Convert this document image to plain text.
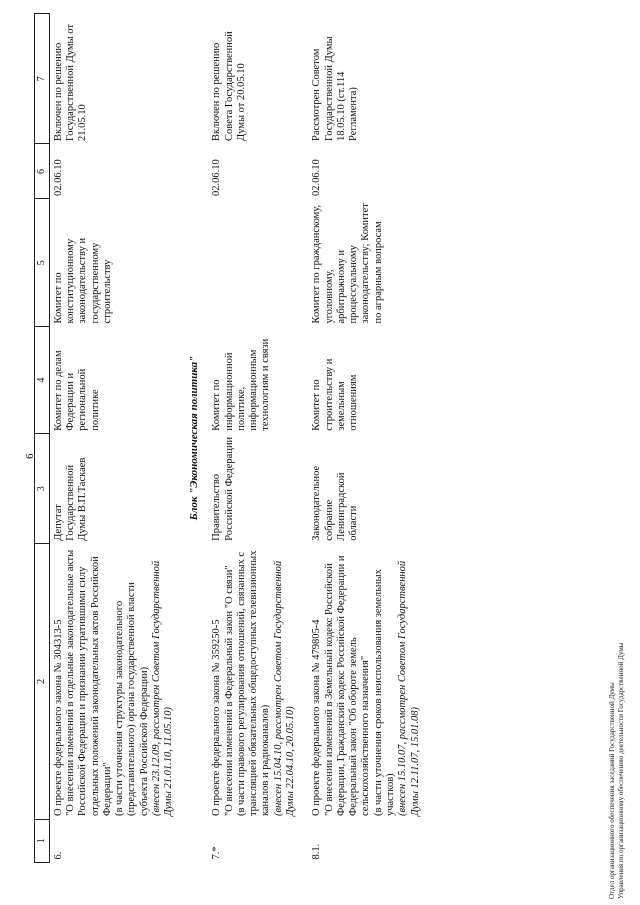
6
1	2	3	4	5	6	7
6.	О проекте федерального закона № 304313-5 "О внесении изменений в отдельные законодательные акты Российской Федерации и признании утратившими силу отдельных положений законодательных актов Российской Федерации" (в части уточнения структуры законодательного (представительного) органа государственной власти субъекта Российской Федерации) (внесен 23.12.09, рассмотрен Советом Государственной Думы 21.01.10, 11.05.10)	Депутат Государственной Думы В.П.Таскаев	Комитет по делам Федерации и региональной политике	Комитет по конституционному законодательству и государственному строительству	02.06.10	Включен по решению Государственной Думы от 21.05.10
Блок "Экономическая политика"						
7.*	О проекте федерального закона № 359250-5 "О внесении изменений в Федеральный закон "О связи" (в части правового регулирования отношений, связанных с трансляцией обязательных общедоступных телевизионных каналов и радиоканалов) (внесен 15.04.10, рассмотрен Советом Государственной Думы 22.04.10, 20.05.10)	Правительство Российской Федерации	Комитет по информационной политике, информационным технологиям и связи		02.06.10	Включен по решению Совета Государственной Думы от 20.05.10
8.1.	О проекте федерального закона № 479805-4 "О внесении изменений в Земельный кодекс Российской Федерации, Гражданский кодекс Российской Федерации и Федеральный закон "Об обороте земель сельскохозяйственного назначения" (в части уточнения сроков неиспользования земельных участков) (внесен 15.10.07, рассмотрен Советом Государственной Думы 12.11.07, 15.01.08)	Законодательное собрание Ленинградской области	Комитет по строительству и земельным отношениям	Комитет по гражданскому, уголовному, арбитражному и процессуальному законодательству; Комитет по аграрным вопросам	02.06.10	Рассмотрен Советом Государственной Думы 18.05.10 (ст.114 Регламента)
Отдел организационного обеспечения заседаний Государственной Думы Управления по организационному обеспечению деятельности Государственной Думы
